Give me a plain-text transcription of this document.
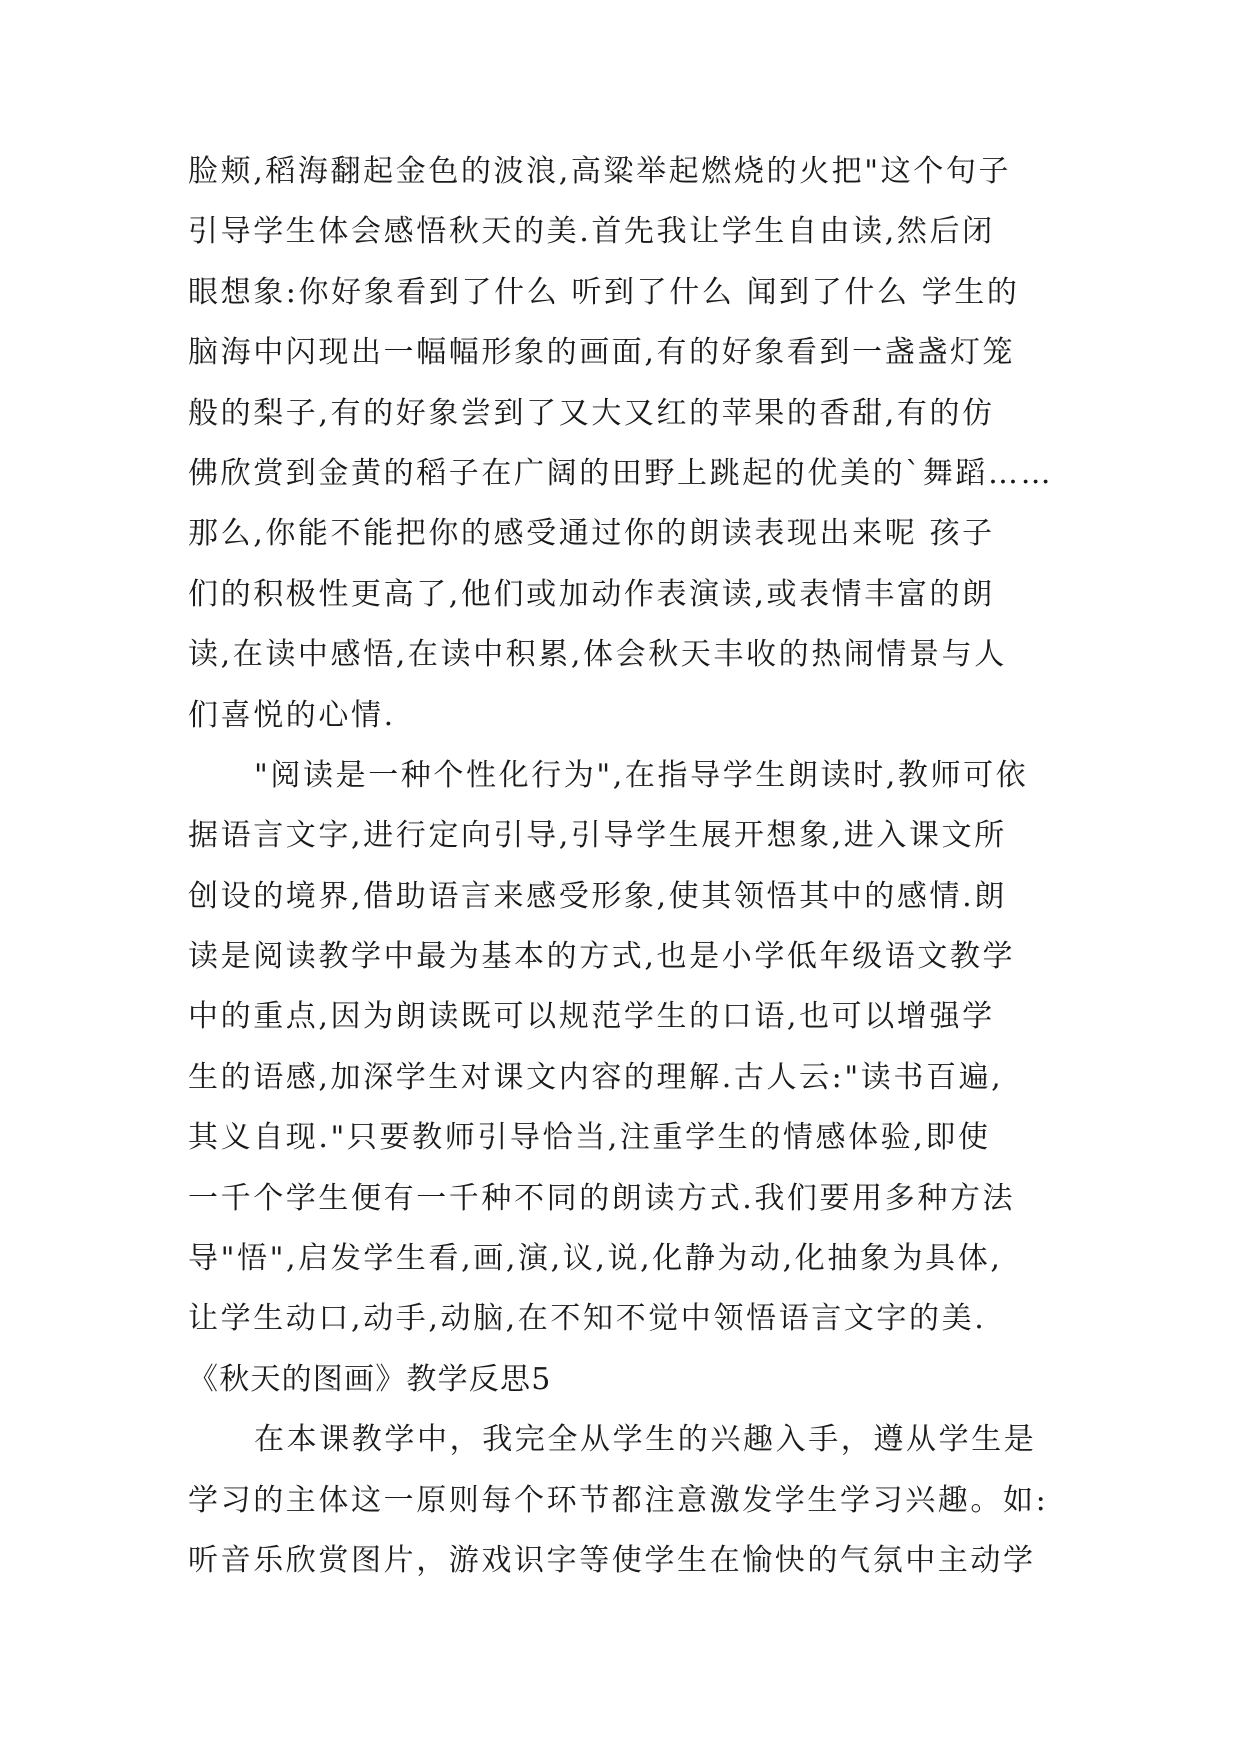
脸颊,稻海翻起金色的波浪,高粱举起燃烧的火把"这个句子
引导学生体会感悟秋天的美.首先我让学生自由读,然后闭
眼想象:你好象看到了什么 听到了什么 闻到了什么 学生的
脑海中闪现出一幅幅形象的画面,有的好象看到一盏盏灯笼
般的梨子,有的好象尝到了又大又红的苹果的香甜,有的仿
佛欣赏到金黄的稻子在广阔的田野上跳起的优美的`舞蹈……
那么,你能不能把你的感受通过你的朗读表现出来呢 孩子
们的积极性更高了,他们或加动作表演读,或表情丰富的朗
读,在读中感悟,在读中积累,体会秋天丰收的热闹情景与人
们喜悦的心情.
"阅读是一种个性化行为",在指导学生朗读时,教师可依
据语言文字,进行定向引导,引导学生展开想象,进入课文所
创设的境界,借助语言来感受形象,使其领悟其中的感情.朗
读是阅读教学中最为基本的方式,也是小学低年级语文教学
中的重点,因为朗读既可以规范学生的口语,也可以增强学
生的语感,加深学生对课文内容的理解.古人云:"读书百遍,
其义自现."只要教师引导恰当,注重学生的情感体验,即使
一千个学生便有一千种不同的朗读方式.我们要用多种方法
导"悟",启发学生看,画,演,议,说,化静为动,化抽象为具体,
让学生动口,动手,动脑,在不知不觉中领悟语言文字的美.
《秋天的图画》教学反思5
在本课教学中，我完全从学生的兴趣入手，遵从学生是
学习的主体这一原则每个环节都注意激发学生学习兴趣。如:
听音乐欣赏图片，游戏识字等使学生在愉快的气氛中主动学
